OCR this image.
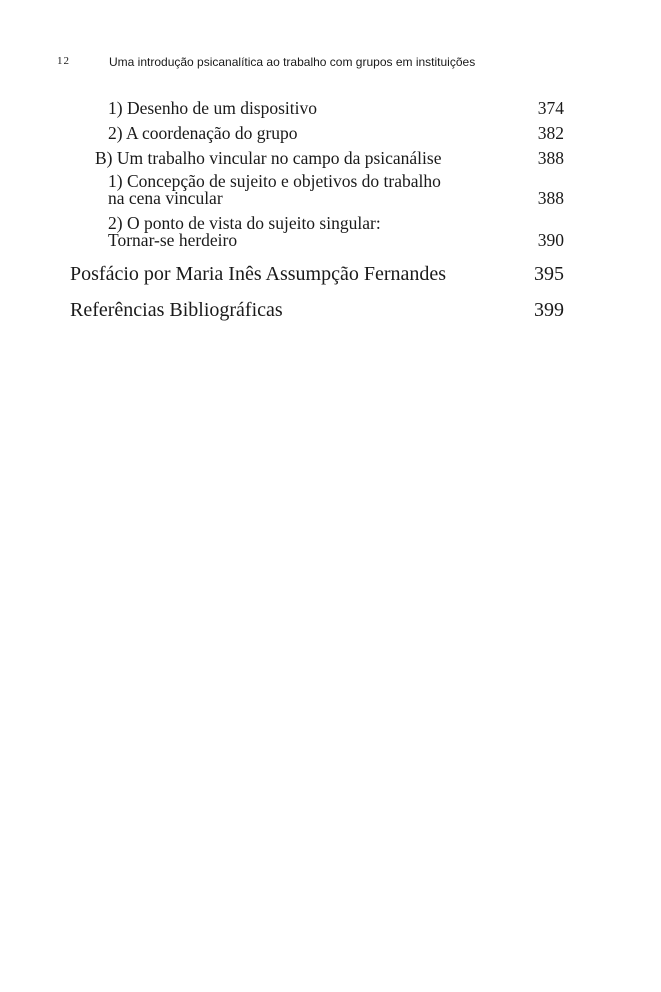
12	Uma introdução psicanalítica ao trabalho com grupos em instituições
1) Desenho de um dispositivo	374
2) A coordenação do grupo	382
B) Um trabalho vincular no campo da psicanálise	388
1) Concepção de sujeito e objetivos do trabalho
na cena vincular	388
2) O ponto de vista do sujeito singular:
Tornar-se herdeiro	390
Posfácio por Maria Inês Assumpção Fernandes	395
Referências Bibliográficas	399
